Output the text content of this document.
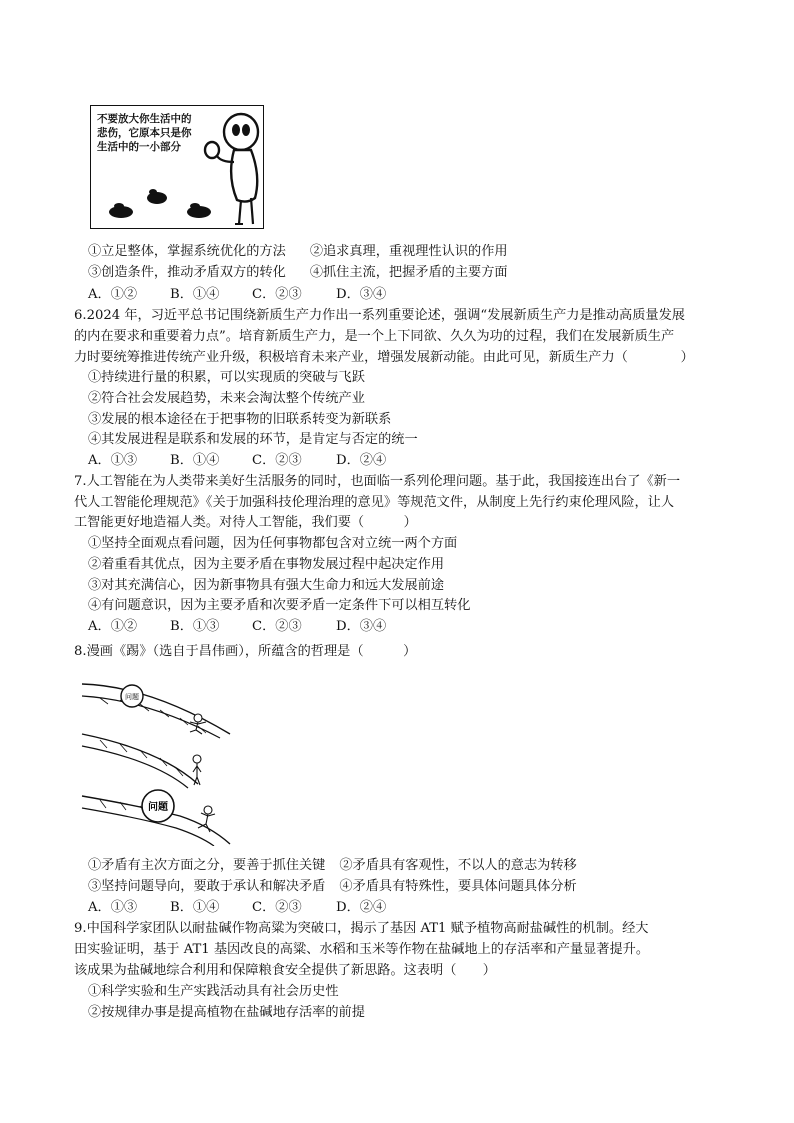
不要放大你生活中的
悲伤，它原本只是你
生活中的一小部分
①立足整体，掌握系统优化的方法 ②追求真理，重视理性认识的作用
③创造条件，推动矛盾双方的转化 ④抓住主流，把握矛盾的主要方面
A．①② B．①④ C．②③	D．③④
6.2024 年，习近平总书记围绕新质生产力作出一系列重要论述，强调“发展新质生产力是推动高质量发展
的内在要求和重要着力点”。培育新质生产力，是一个上下同欲、久久为功的过程，我们在发展新质生产
力时要统筹推进传统产业升级，积极培育未来产业，增强发展新动能。由此可见，新质生产力（　　　　）
①持续进行量的积累，可以实现质的突破与飞跃
②符合社会发展趋势，未来会淘汰整个传统产业
③发展的根本途径在于把事物的旧联系转变为新联系
④其发展进程是联系和发展的环节，是肯定与否定的统一
A．①③ B．①④ C．②③	D．②④
7.人工智能在为人类带来美好生活服务的同时，也面临一系列伦理问题。基于此，我国接连出台了《新一
代人工智能伦理规范》《关于加强科技伦理治理的意见》等规范文件，从制度上先行约束伦理风险，让人
工智能更好地造福人类。对待人工智能，我们要（　　　）
①坚持全面观点看问题，因为任何事物都包含对立统一两个方面
②着重看其优点，因为主要矛盾在事物发展过程中起决定作用
③对其充满信心，因为新事物具有强大生命力和远大发展前途
④有问题意识，因为主要矛盾和次要矛盾一定条件下可以相互转化
A．①② B．①③ C．②③	D．③④
8.漫画《踢》（选自于昌伟画），所蕴含的哲理是（　　　）
问题
问题
①矛盾有主次方面之分，要善于抓住关键 ②矛盾具有客观性，不以人的意志为转移
③坚持问题导向，要敢于承认和解决矛盾 ④矛盾具有特殊性，要具体问题具体分析
A．①③ B．①④ C．②③	D．②④
9.中国科学家团队以耐盐碱作物高粱为突破口，揭示了基因 AT1 赋予植物高耐盐碱性的机制。经大
田实验证明，基于 AT1 基因改良的高粱、水稻和玉米等作物在盐碱地上的存活率和产量显著提升。
该成果为盐碱地综合利用和保障粮食安全提供了新思路。这表明（　　）
①科学实验和生产实践活动具有社会历史性
②按规律办事是提高植物在盐碱地存活率的前提
